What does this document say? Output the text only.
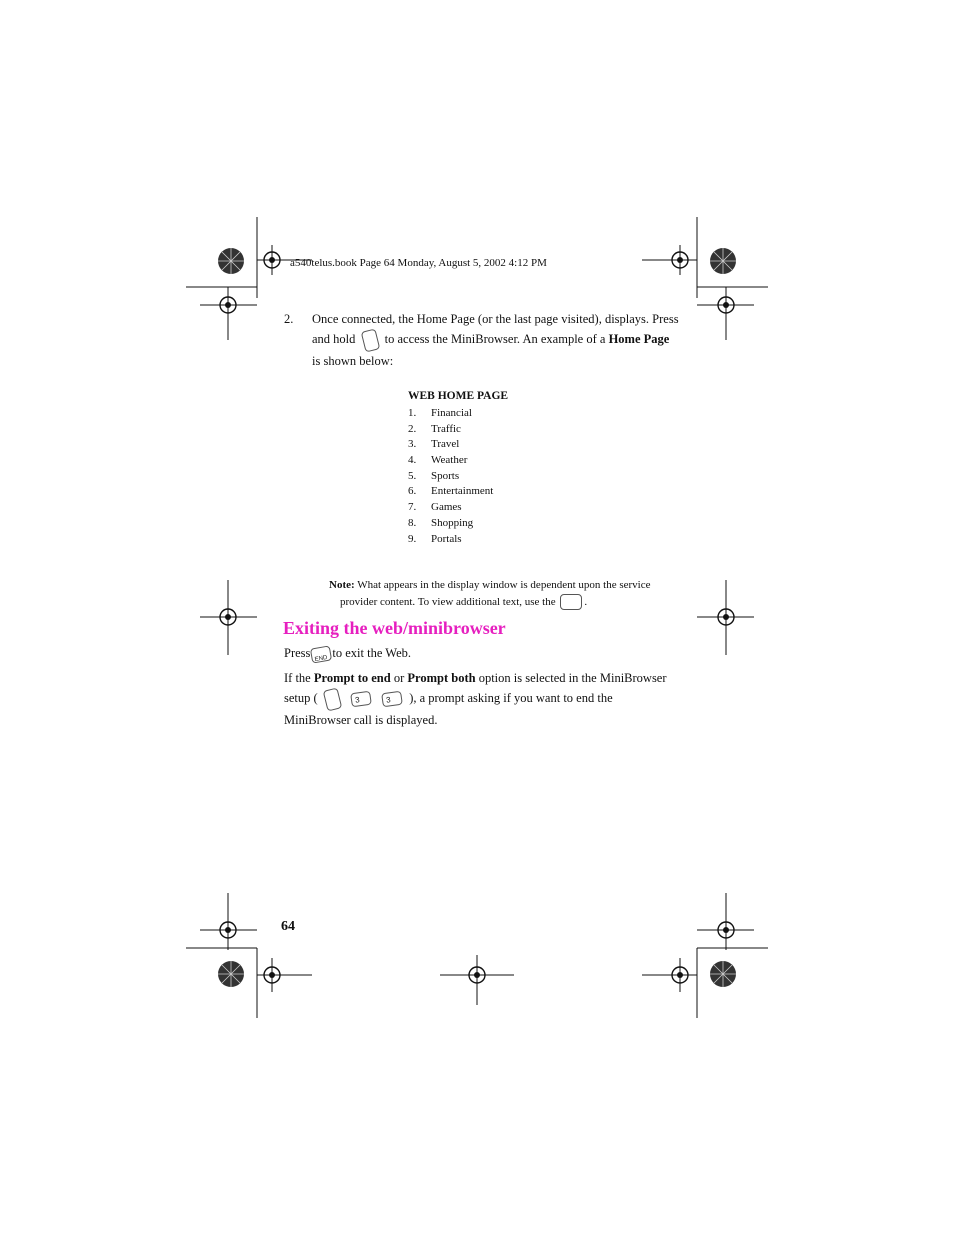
a540telus.book Page 64 Monday, August 5, 2002 4:12 PM
2. Once connected, the Home Page (or the last page visited), displays. Press
and hold to access the MiniBrowser. An example of a Home Page
is shown below:
WEB HOME PAGE
1. Financial
2. Traffic
3. Travel
4. Weather
5. Sports
6. Entertainment
7. Games
8. Shopping
9. Portals
Note: What appears in the display window is dependent upon the service
provider content. To view additional text, use the	.
Exiting the web/minibrowser
Press END to exit the Web.
If the Prompt to end or Prompt both option is selected in the MiniBrowser
setup (	3	3 ), a prompt asking if you want to end the
MiniBrowser call is displayed.
64
